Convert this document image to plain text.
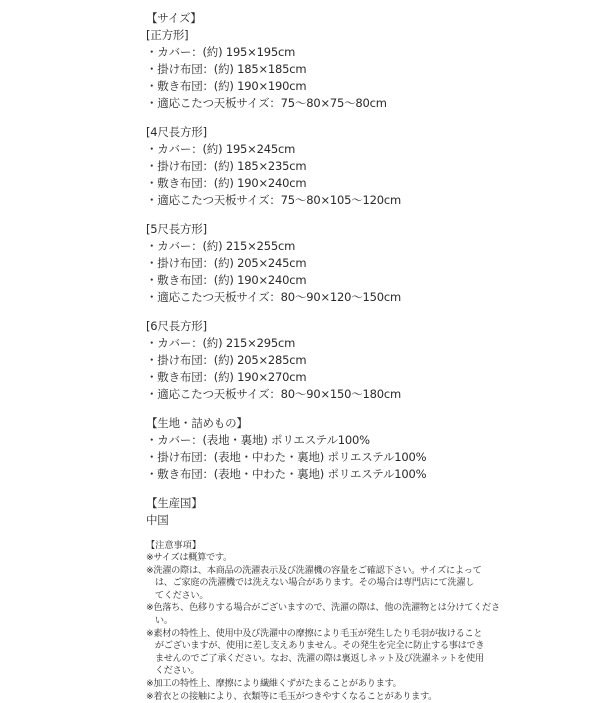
【サイズ】
[正方形]
・カバー：(約) 195×195cm
・掛け布団：(約) 185×185cm
・敷き布団：(約) 190×190cm
・適応こたつ天板サイズ：75～80×75～80cm
[4尺長方形]
・カバー：(約) 195×245cm
・掛け布団：(約) 185×235cm
・敷き布団：(約) 190×240cm
・適応こたつ天板サイズ：75～80×105～120cm
[5尺長方形]
・カバー：(約) 215×255cm
・掛け布団：(約) 205×245cm
・敷き布団：(約) 190×240cm
・適応こたつ天板サイズ：80～90×120～150cm
[6尺長方形]
・カバー：(約) 215×295cm
・掛け布団：(約) 205×285cm
・敷き布団：(約) 190×270cm
・適応こたつ天板サイズ：80～90×150～180cm
【生地・詰めもの】
・カバー：(表地・裏地) ポリエステル100%
・掛け布団：(表地・中わた・裏地) ポリエステル100%
・敷き布団：(表地・中わた・裏地) ポリエステル100%
【生産国】
中国
【注意事項】
※サイズは概算です。
※洗濯の際は、本商品の洗濯表示及び洗濯機の容量をご確認下さい。サイズによって
　は、ご家庭の洗濯機では洗えない場合があります。その場合は専門店にて洗濯し
　てください。
※色落ち、色移りする場合がございますので、洗濯の際は、他の洗濯物とは分けてくださ
　い。
※素材の特性上、使用中及び洗濯中の摩擦により毛玉が発生したり毛羽が抜けること
　がございますが、使用に差し支えありません。その発生を完全に防止する事はでき
　ませんのでご了承ください。なお、洗濯の際は裏返しネット及び洗濯ネットを使用
　ください。
※加工の特性上、摩擦により繊維くずがたまることがあります。
※着衣との接触により、衣類等に毛玉がつきやすくなることがあります。
